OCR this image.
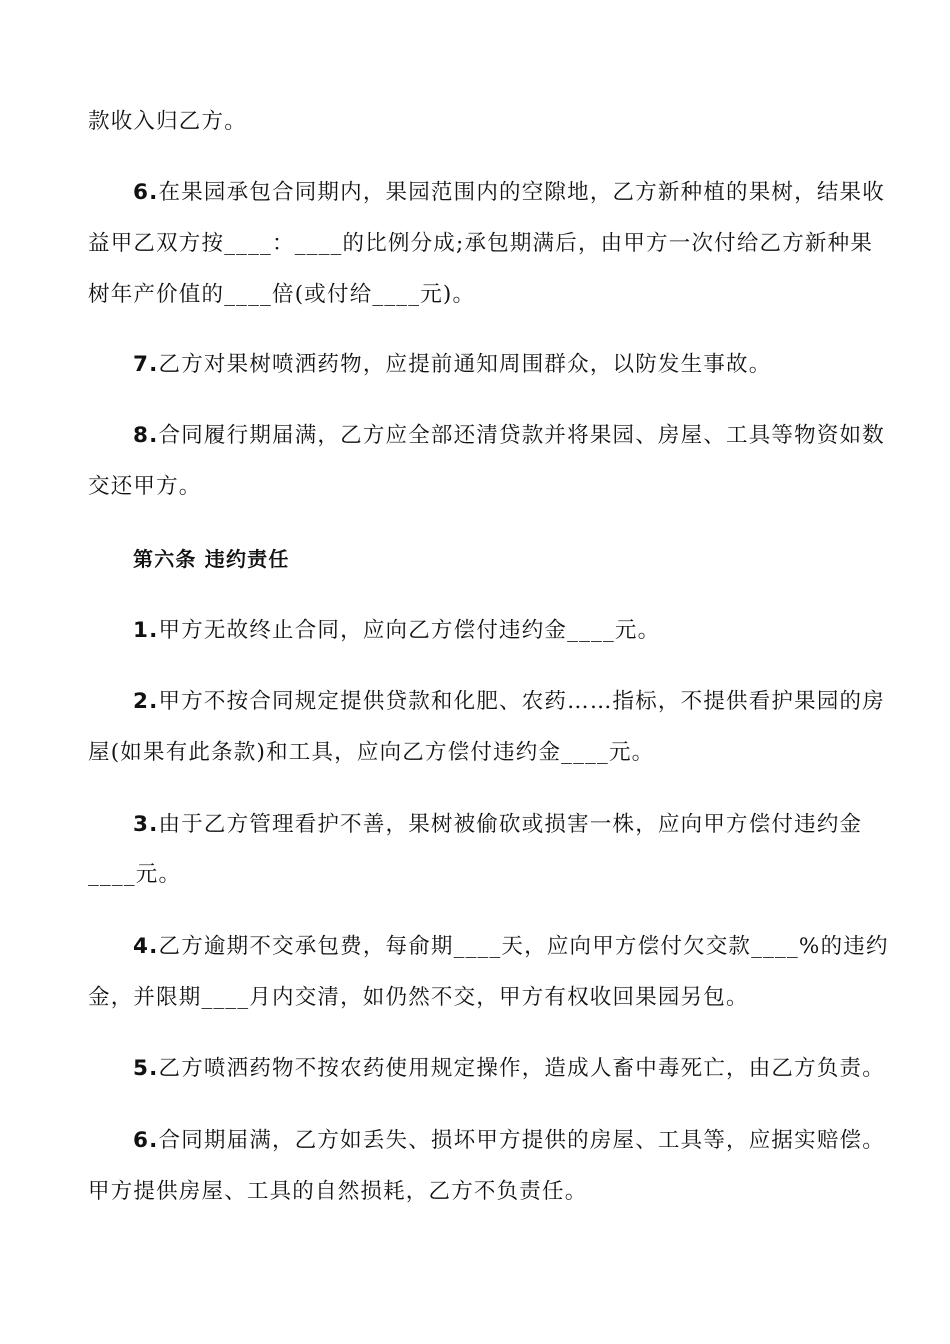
款收入归乙方。
6.在果园承包合同期内，果园范围内的空隙地，乙方新种植的果树，结果收
益甲乙双方按____：____的比例分成;承包期满后，由甲方一次付给乙方新种果
树年产价值的____倍(或付给____元)。
7.乙方对果树喷洒药物，应提前通知周围群众，以防发生事故。
8.合同履行期届满，乙方应全部还清贷款并将果园、房屋、工具等物资如数
交还甲方。
第六条 违约责任
1.甲方无故终止合同，应向乙方偿付违约金____元。
2.甲方不按合同规定提供贷款和化肥、农药……指标，不提供看护果园的房
屋(如果有此条款)和工具，应向乙方偿付违约金____元。
3.由于乙方管理看护不善，果树被偷砍或损害一株，应向甲方偿付违约金
____元。
4.乙方逾期不交承包费，每俞期____天，应向甲方偿付欠交款____%的违约
金，并限期____月内交清，如仍然不交，甲方有权收回果园另包。
5.乙方喷洒药物不按农药使用规定操作，造成人畜中毒死亡，由乙方负责。
6.合同期届满，乙方如丢失、损坏甲方提供的房屋、工具等，应据实赔偿。
甲方提供房屋、工具的自然损耗，乙方不负责任。
